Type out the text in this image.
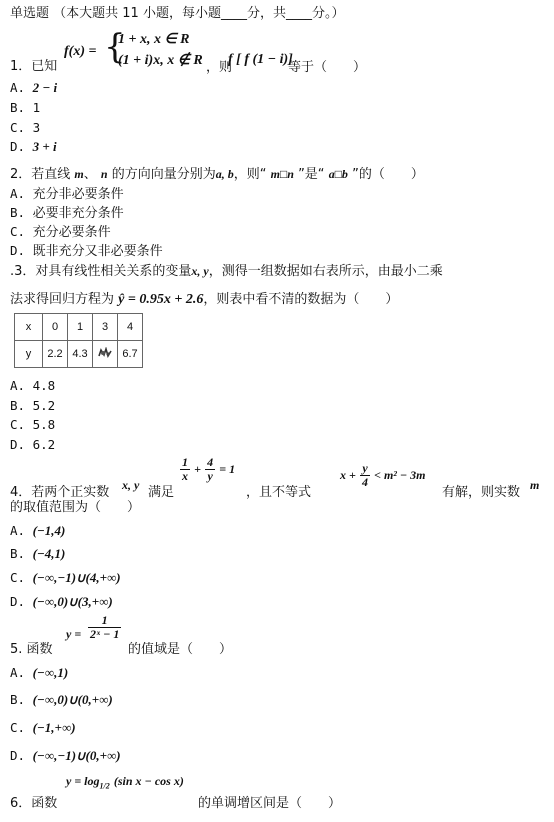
单选题 （本大题共 11 小题，每小题____分，共____分。）
1．已知
f(x) = {
1 + x, x ∈ R
(1 + i)x, x ∉ R ，则
f [ f (1 − i)]
等于（　　）
A. 2 − i
B. 1
C. 3
D. 3 + i
2．若直线 m、 n 的方向向量分别为a, b，则“ m□n ”是“ a□b ”的（　　）
A. 充分非必要条件
B. 必要非充分条件
C. 充分必要条件
D. 既非充分又非必要条件
.3．对具有线性相关关系的变量x, y，测得一组数据如右表所示，由最小二乘
法求得回归方程为 ŷ = 0.95x + 2.6，则表中看不清的数据为（　　）
x	0	1	3	4
y	2.2	4.3		6.7
A. 4.8
B. 5.2
C. 5.8
D. 6.2
4．若两个正实数 x, y 满足
$\frac{1}{x} + \frac{4}{y} = 1$
，且不等式
$x + \frac{y}{4} < m^2 - 3m$
有解，则实数 m
的取值范围为（　　）
A. (−1,4)
B. (−4,1)
C. (−∞,−1)∪(4,+∞)
D. (−∞,0)∪(3,+∞)
5. 函数
$y = \frac{1}{\text{2ˣ − 1}}$
的值域是（　　）
A. (−∞,1)
B. (−∞,0)∪(0,+∞)
C. (−1,+∞)
D. (−∞,−1)∪(0,+∞)
6．函数
$y = \log_{1/2} (\sin$ x − cos x)
的单调增区间是（　　）
